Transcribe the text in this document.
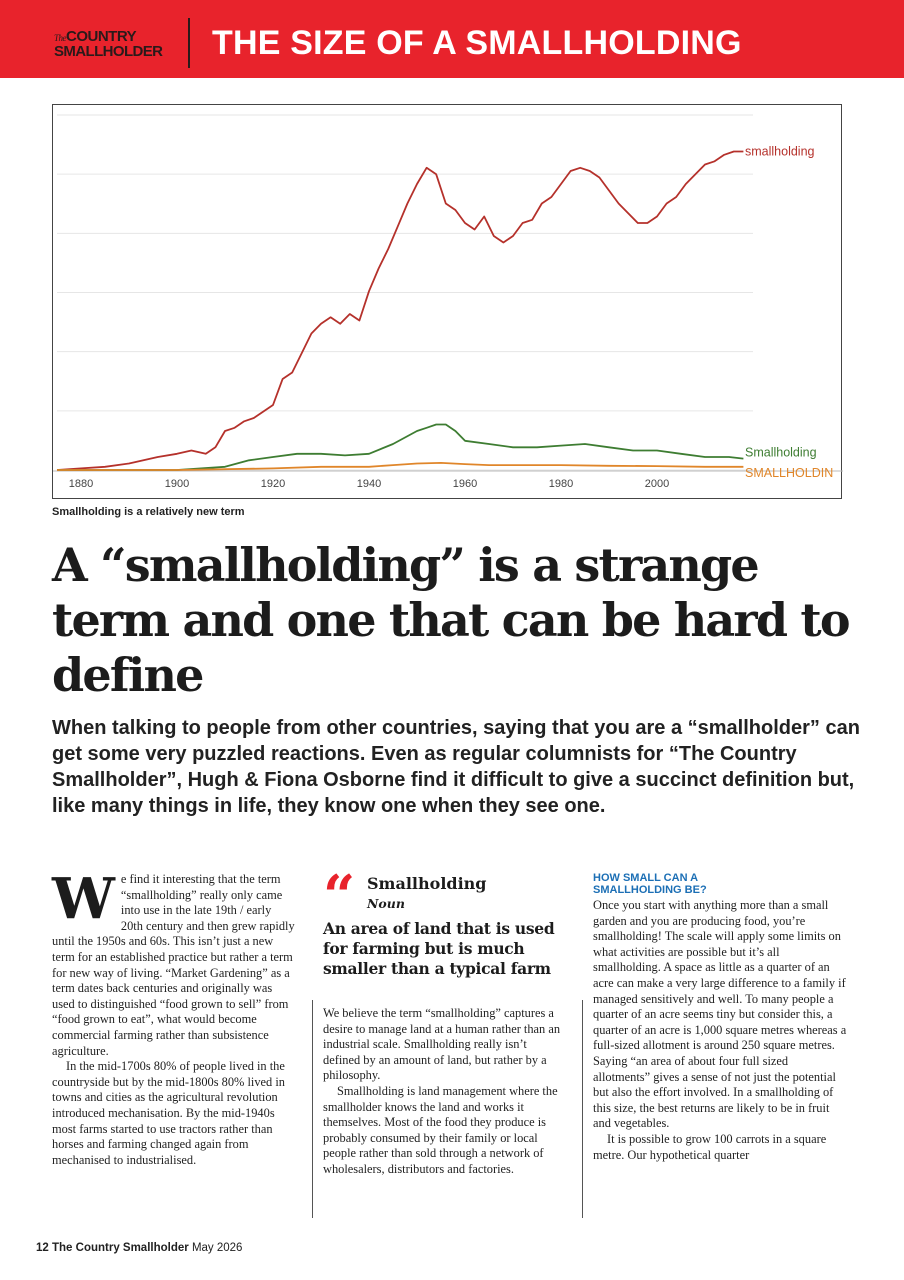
TheCOUNTRY
SMALLHOLDER	THE SIZE OF A SMALLHOLDING
1880	1900	1920	1940	1960	1980	2000
smallholding
Smallholding
SMALLHOLDIN
Smallholding is a relatively new term
A “smallholding” is a strange term and one that can be hard to define
When talking to people from other countries, saying that you are a “smallholder” can get some very puzzled reactions. Even as regular columnists for “The Country Smallholder”, Hugh & Fiona Osborne find it difficult to give a succinct definition but, like many things in life, they know one when they see one.
W e find it interesting that the term “smallholding” really only came into use in the late 19th / early 20th century and then grew rapidly until the 1950s and 60s. This isn’t just a new term for an established practice but rather a term for new way of living. “Market Gardening” as a term dates back centuries and originally was used to distinguished “food grown to sell” from “food grown to eat”, what would become commercial farming rather than subsistence agriculture.

In the mid-1700s 80% of people lived in the countryside but by the mid-1800s 80% lived in towns and cities as the agricultural revolution introduced mechanisation. By the mid-1940s most farms started to use tractors rather than horses and farming changed again from mechanised to industrialised.

“ Smallholding
Noun
An area of land that is used for farming but is much smaller than a typical farm

We believe the term “smallholding” captures a desire to manage land at a human rather than an industrial scale. Smallholding really isn’t defined by an amount of land, but rather by a philosophy.

Smallholding is land management where the smallholder knows the land and works it themselves. Most of the food they produce is probably consumed by their family or local people rather than sold through a network of wholesalers, distributors and factories.

HOW SMALL CAN A
SMALLHOLDING BE?

Once you start with anything more than a small garden and you are producing food, you’re smallholding! The scale will apply some limits on what activities are possible but it’s all smallholding. A space as little as a quarter of an acre can make a very large difference to a family if managed sensitively and well. To many people a quarter of an acre seems tiny but consider this, a quarter of an acre is 1,000 square metres whereas a full-sized allotment is around 250 square metres. Saying “an area of about four full sized allotments” gives a sense of not just the potential but also the effort involved. In a smallholding of this size, the best returns are likely to be in fruit and vegetables.

It is possible to grow 100 carrots in a square metre. Our hypothetical quarter

12 The Country Smallholder May 2026
